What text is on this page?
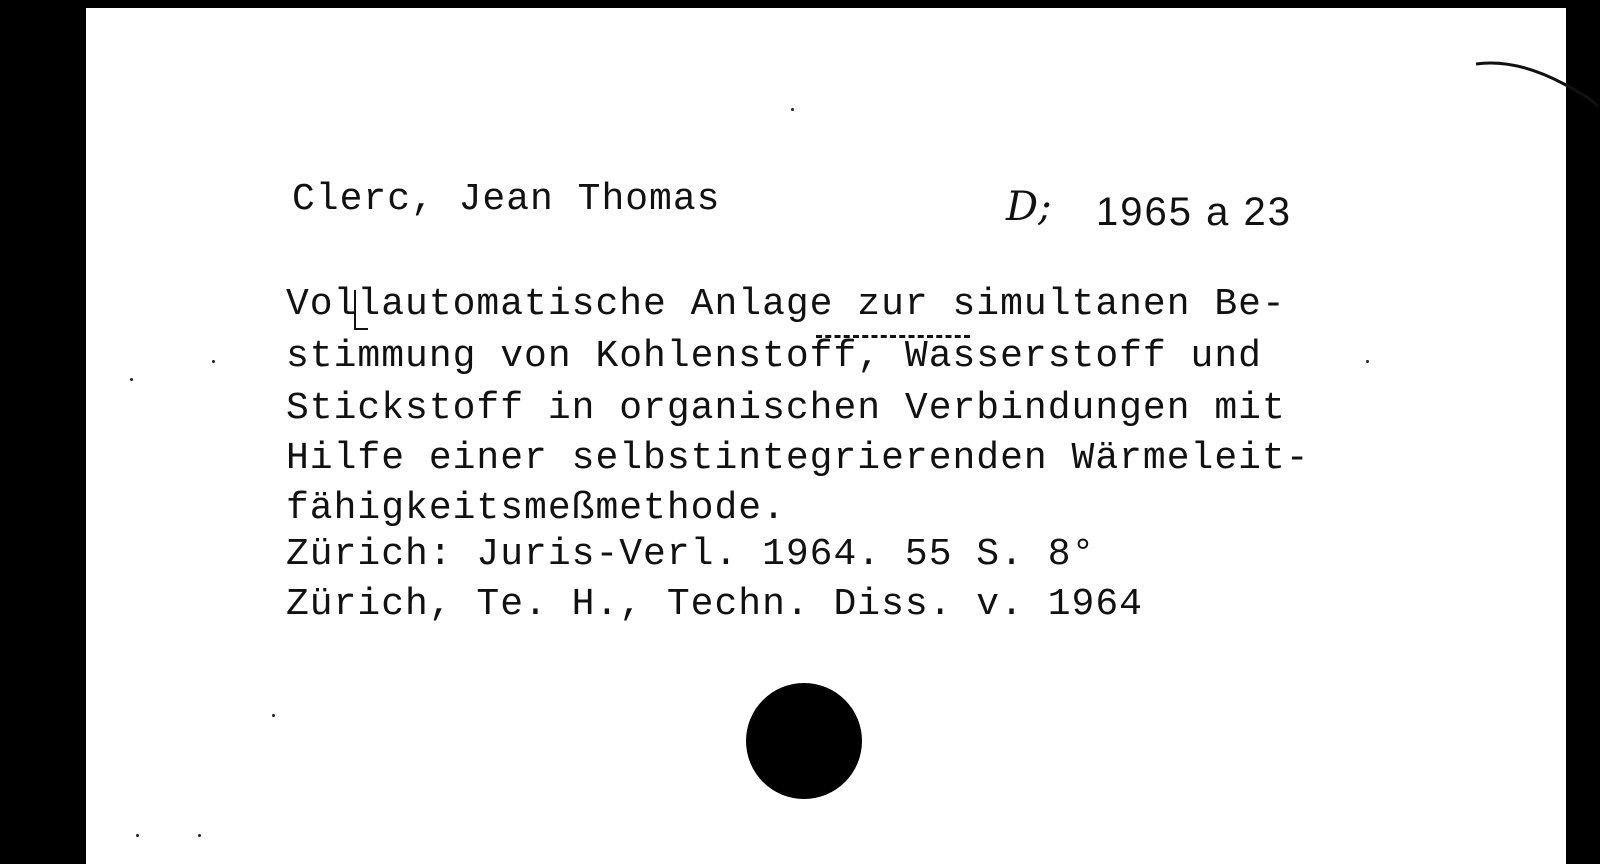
Clerc, Jean Thomas	D; 1965 a 23
Vollautomatische Anlage zur simultanen Be-
stimmung von Kohlenstoff, Wasserstoff und
Stickstoff in organischen Verbindungen mit
Hilfe einer selbstintegrierenden Wärmeleit-
fähigkeitsmeßmethode.
Zürich: Juris-Verl. 1964. 55 S. 8°
Zürich, Te. H., Techn. Diss. v. 1964
